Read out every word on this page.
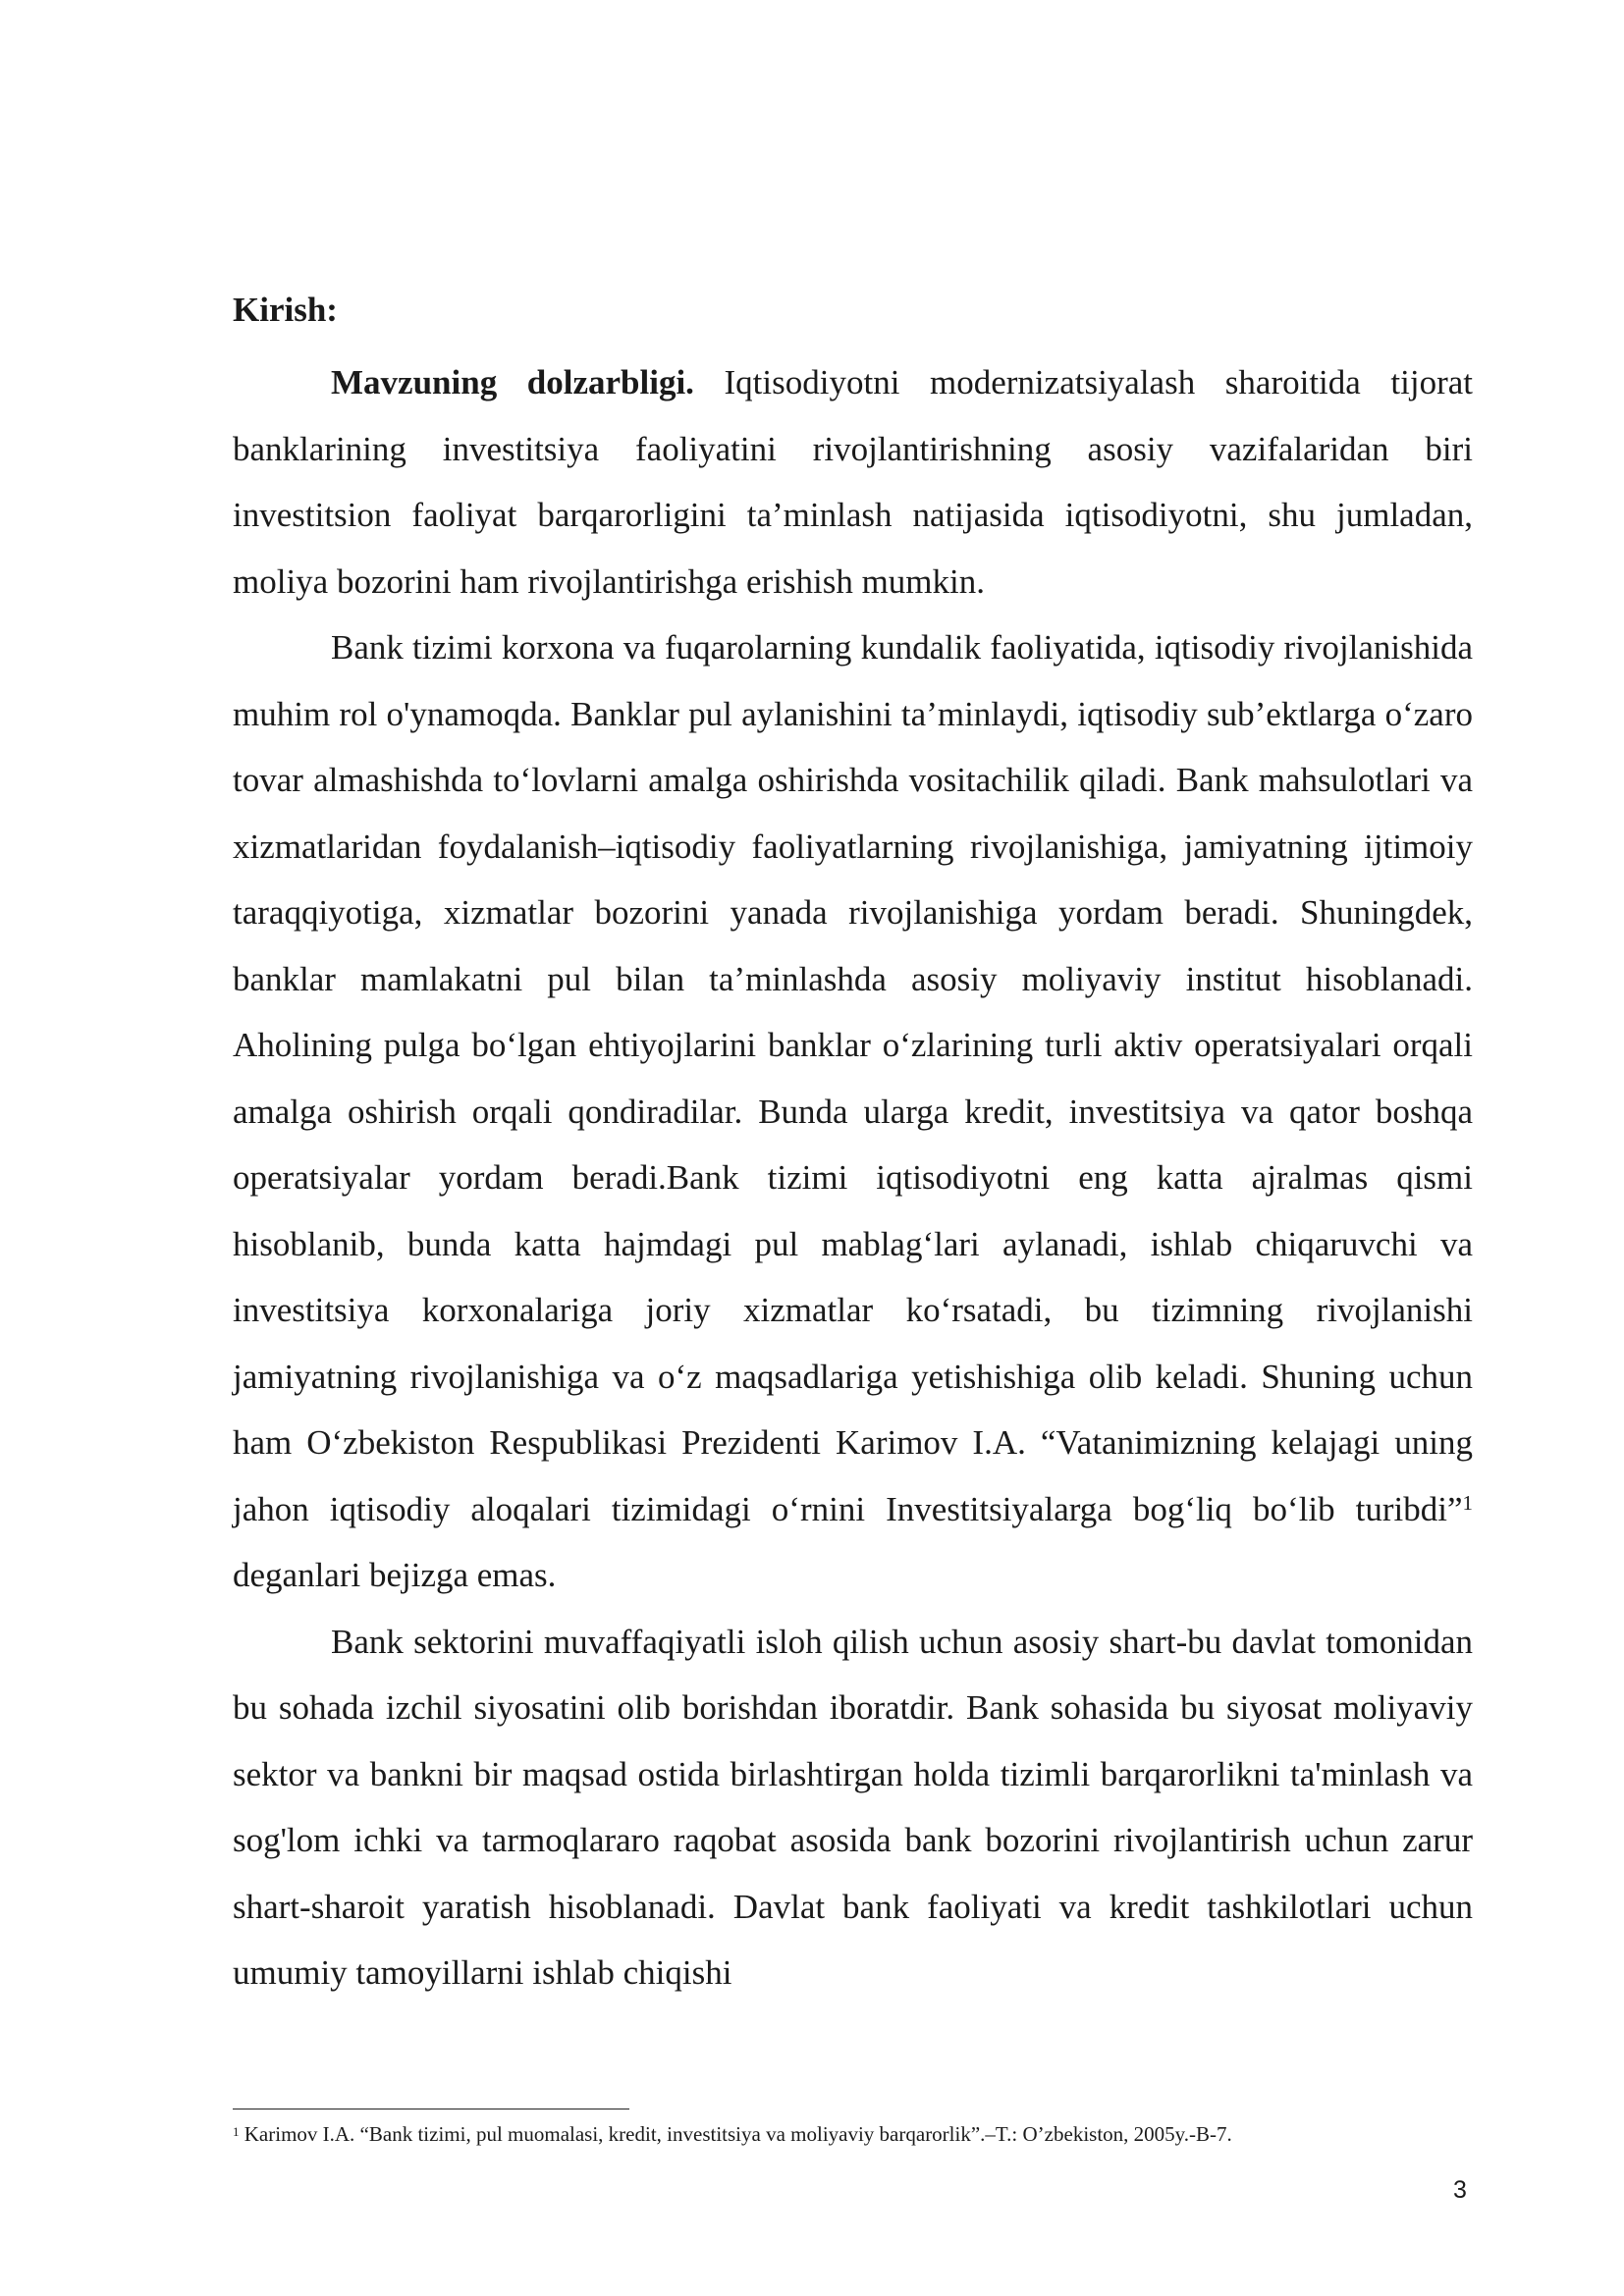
Kirish:

Mavzuning dolzarbligi. Iqtisodiyotni modernizatsiyalash sharoitida tijorat banklarining investitsiya faoliyatini rivojlantirishning asosiy vazifalaridan biri investitsion faoliyat barqarorligini ta’minlash natijasida iqtisodiyotni, shu jumladan, moliya bozorini ham rivojlantirishga erishish mumkin.

Bank tizimi korxona va fuqarolarning kundalik faoliyatida, iqtisodiy rivojlanishida muhim rol o'ynamoqda. Banklar pul aylanishini ta’minlaydi, iqtisodiy sub’ektlarga o‘zaro tovar almashishda to‘lovlarni amalga oshirishda vositachilik qiladi. Bank mahsulotlari va xizmatlaridan foydalanish–iqtisodiy faoliyatlarning rivojlanishiga, jamiyatning ijtimoiy taraqqiyotiga, xizmatlar bozorini yanada rivojlanishiga yordam beradi. Shuningdek, banklar mamlakatni pul bilan ta’minlashda asosiy moliyaviy institut hisoblanadi. Aholining pulga bo‘lgan ehtiyojlarini banklar o‘zlarining turli aktiv operatsiyalari orqali amalga oshirish orqali qondiradilar. Bunda ularga kredit, investitsiya va qator boshqa operatsiyalar yordam beradi.Bank tizimi iqtisodiyotni eng katta ajralmas qismi hisoblanib, bunda katta hajmdagi pul mablag‘lari aylanadi, ishlab chiqaruvchi va investitsiya korxonalariga joriy xizmatlar ko‘rsatadi, bu tizimning rivojlanishi jamiyatning rivojlanishiga va o‘z maqsadlariga yetishishiga olib keladi. Shuning uchun ham O‘zbekiston Respublikasi Prezidenti Karimov I.A. “Vatanimizning kelajagi uning jahon iqtisodiy aloqalari tizimidagi o‘rnini Investitsiyalarga bog‘liq bo‘lib turibdi”$^1$ deganlari bejizga emas.

Bank sektorini muvaffaqiyatli isloh qilish uchun asosiy shart-bu davlat tomonidan bu sohada izchil siyosatini olib borishdan iboratdir. Bank sohasida bu siyosat moliyaviy sektor va bankni bir maqsad ostida birlashtirgan holda tizimli barqarorlikni ta'minlash va sog'lom ichki va tarmoqlararo raqobat asosida bank bozorini rivojlantirish uchun zarur shart-sharoit yaratish hisoblanadi. Davlat bank faoliyati va kredit tashkilotlari uchun umumiy tamoyillarni ishlab chiqishi

$^1$ Karimov I.A. “Bank tizimi, pul muomalasi, kredit, investitsiya va moliyaviy barqarorlik”.–T.: O’zbekiston, 2005y.-B-7.
3
